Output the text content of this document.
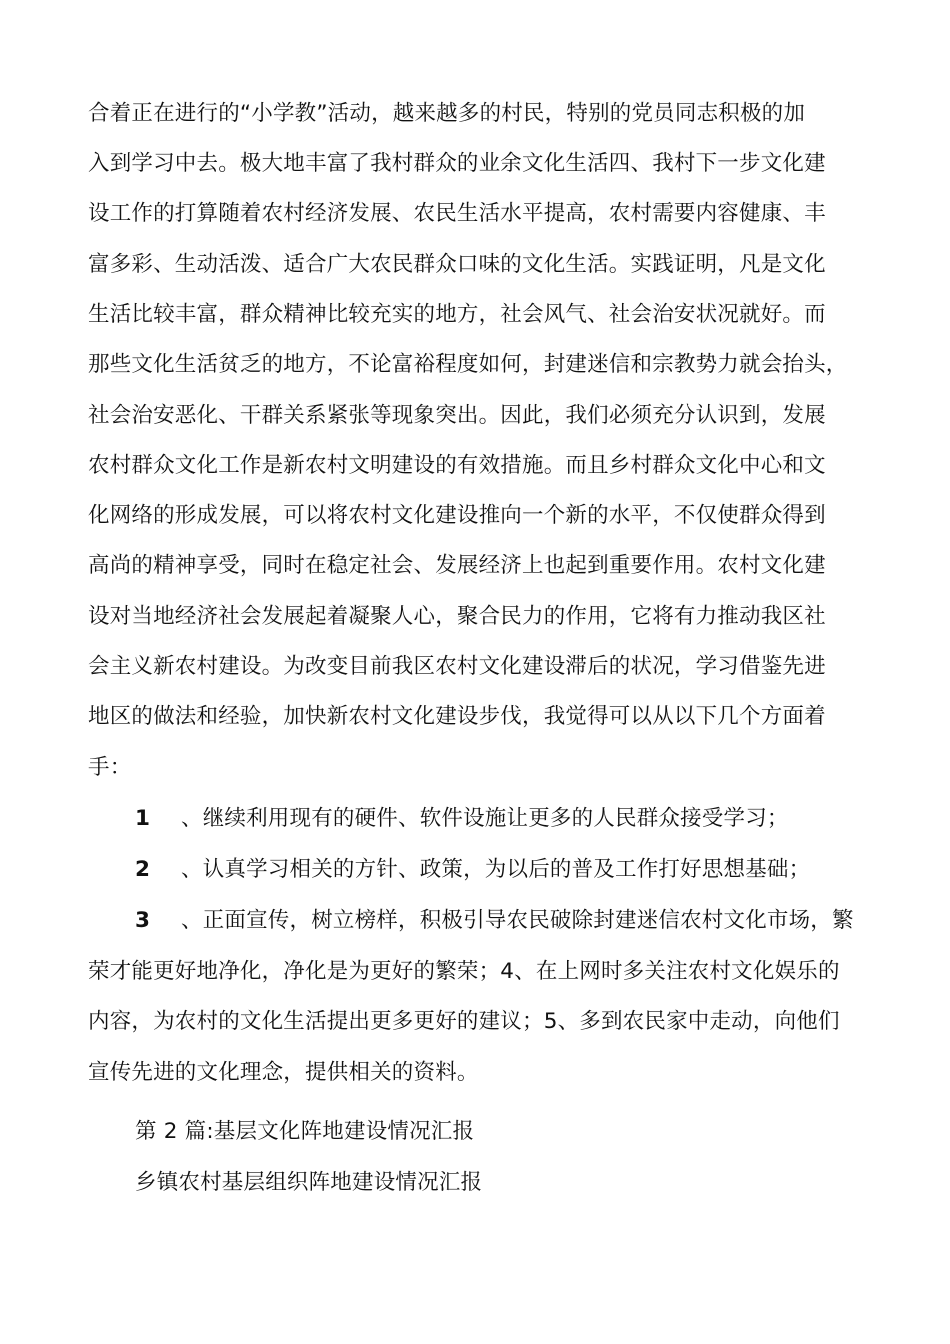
合着正在进行的“小学教”活动，越来越多的村民，特别的党员同志积极的加
入到学习中去。极大地丰富了我村群众的业余文化生活四、我村下一步文化建
设工作的打算随着农村经济发展、农民生活水平提高，农村需要内容健康、丰
富多彩、生动活泼、适合广大农民群众口味的文化生活。实践证明，凡是文化
生活比较丰富，群众精神比较充实的地方，社会风气、社会治安状况就好。而
那些文化生活贫乏的地方，不论富裕程度如何，封建迷信和宗教势力就会抬头，
社会治安恶化、干群关系紧张等现象突出。因此，我们必须充分认识到，发展
农村群众文化工作是新农村文明建设的有效措施。而且乡村群众文化中心和文
化网络的形成发展，可以将农村文化建设推向一个新的水平，不仅使群众得到
高尚的精神享受，同时在稳定社会、发展经济上也起到重要作用。农村文化建
设对当地经济社会发展起着凝聚人心，聚合民力的作用，它将有力推动我区社
会主义新农村建设。为改变目前我区农村文化建设滞后的状况，学习借鉴先进
地区的做法和经验，加快新农村文化建设步伐，我觉得可以从以下几个方面着
手：
1 、继续利用现有的硬件、软件设施让更多的人民群众接受学习；
2 、认真学习相关的方针、政策，为以后的普及工作打好思想基础；
3 、正面宣传，树立榜样，积极引导农民破除封建迷信农村文化市场，繁
荣才能更好地净化，净化是为更好的繁荣；4、在上网时多关注农村文化娱乐的
内容，为农村的文化生活提出更多更好的建议；5、多到农民家中走动，向他们
宣传先进的文化理念，提供相关的资料。
第 2 篇:基层文化阵地建设情况汇报
乡镇农村基层组织阵地建设情况汇报
